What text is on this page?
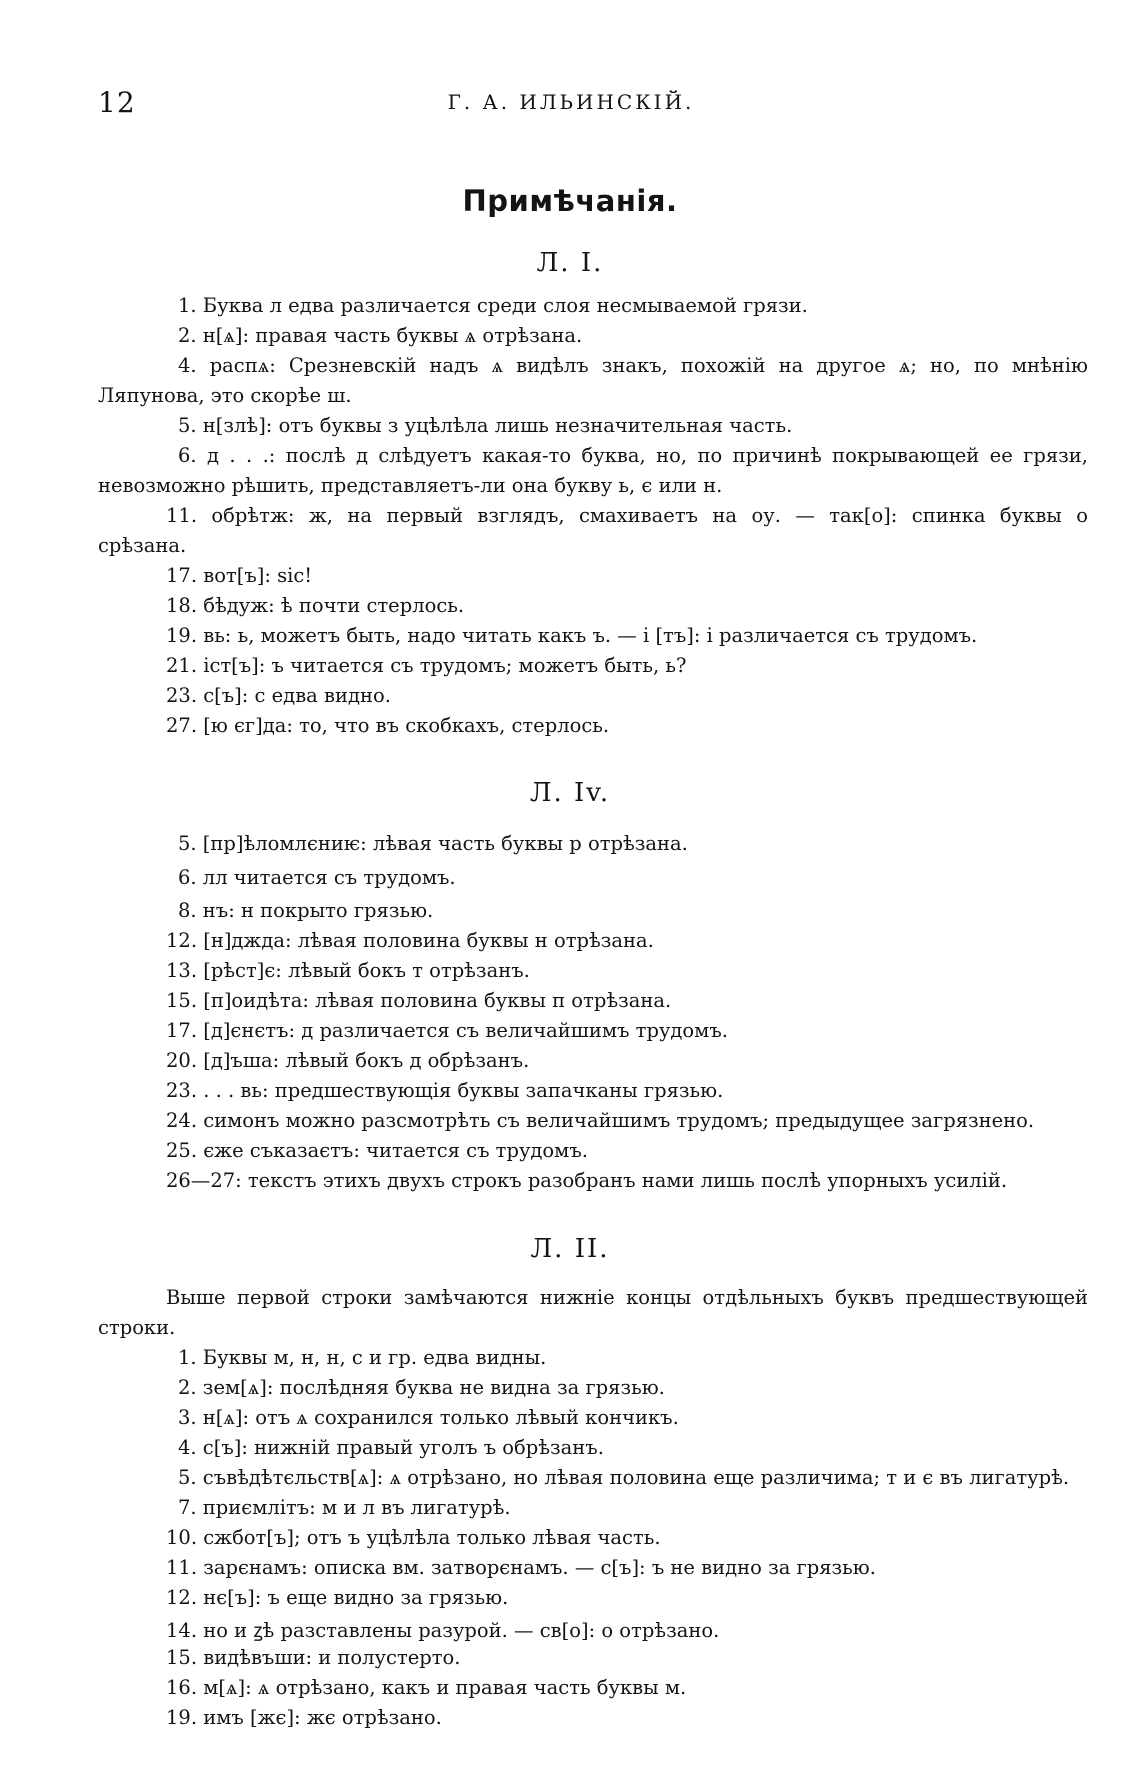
12	Г. А. ИЛЬИНСКІЙ.
Примѣчанія.
Л. I.
1. Буква л едва различается среди слоя несмываемой грязи.
2. н[ѧ]: правая часть буквы ѧ отрѣзана.
4. распѧ: Срезневскій надъ ѧ видѣлъ знакъ, похожій на другое ѧ; но, по мнѣнію
Ляпунова, это скорѣе ш.
5. н[злѣ]: отъ буквы з уцѣлѣла лишь незначительная часть.
6. д . . .: послѣ д слѣдуетъ какая-то буква, но, по причинѣ покрывающей ее грязи,
невозможно рѣшить, представляетъ-ли она букву ь, є или н.
11. обрѣтж: ж, на первый взглядъ, смахиваетъ на оу. — так[о]: спинка буквы о
срѣзана.
17. вот[ъ]: sic!
18. бѣдуж: ѣ почти стерлось.
19. вь: ь, можетъ быть, надо читать какъ ъ. — і [тъ]: і различается съ трудомъ.
21. іст[ъ]: ъ читается съ трудомъ; можетъ быть, ь?
23. с[ъ]: с едва видно.
27. [ю єг]да: то, что въ скобкахъ, стерлось.
Л. Iv.
5. [пр]ѣломлєниѥ: лѣвая часть буквы р отрѣзана.
6. лл читается съ трудомъ.
8. нъ: н покрыто грязью.
12. [н]джда: лѣвая половина буквы н отрѣзана.
13. [рѣст]є: лѣвый бокъ т отрѣзанъ.
15. [п]оидѣта: лѣвая половина буквы п отрѣзана.
17. [д]єнєтъ: д различается съ величайшимъ трудомъ.
20. [д]ъша: лѣвый бокъ д обрѣзанъ.
23. . . . вь: предшествующія буквы запачканы грязью.
24. симонъ можно разсмотрѣть съ величайшимъ трудомъ; предыдущее загрязнено.
25. єже съказаєтъ: читается съ трудомъ.
26—27: текстъ этихъ двухъ строкъ разобранъ нами лишь послѣ упорныхъ усилій.
Л. II.
Выше первой строки замѣчаются нижніе концы отдѣльныхъ буквъ предшествующей
строки.
1. Буквы м, н, н, с и гр. едва видны.
2. зем[ѧ]: послѣдняя буква не видна за грязью.
3. н[ѧ]: отъ ѧ сохранился только лѣвый кончикъ.
4. с[ъ]: нижній правый уголъ ъ обрѣзанъ.
5. съвѣдѣтєльств[ѧ]: ѧ отрѣзано, но лѣвая половина еще различима; т и є въ лигатурѣ.
7. приємлітъ: м и л въ лигатурѣ.
10. сжбот[ъ]; отъ ъ уцѣлѣла только лѣвая часть.
11. зарєнамъ: описка вм. затворєнамъ. — с[ъ]: ъ не видно за грязью.
12. нє[ъ]: ъ еще видно за грязью.
14. но и ꙁѣ разставлены разурой. — св[о]: о отрѣзано.
15. видѣвъши: и полустерто.
16. м[ѧ]: ѧ отрѣзано, какъ и правая часть буквы м.
19. имъ [жє]: жє отрѣзано.
